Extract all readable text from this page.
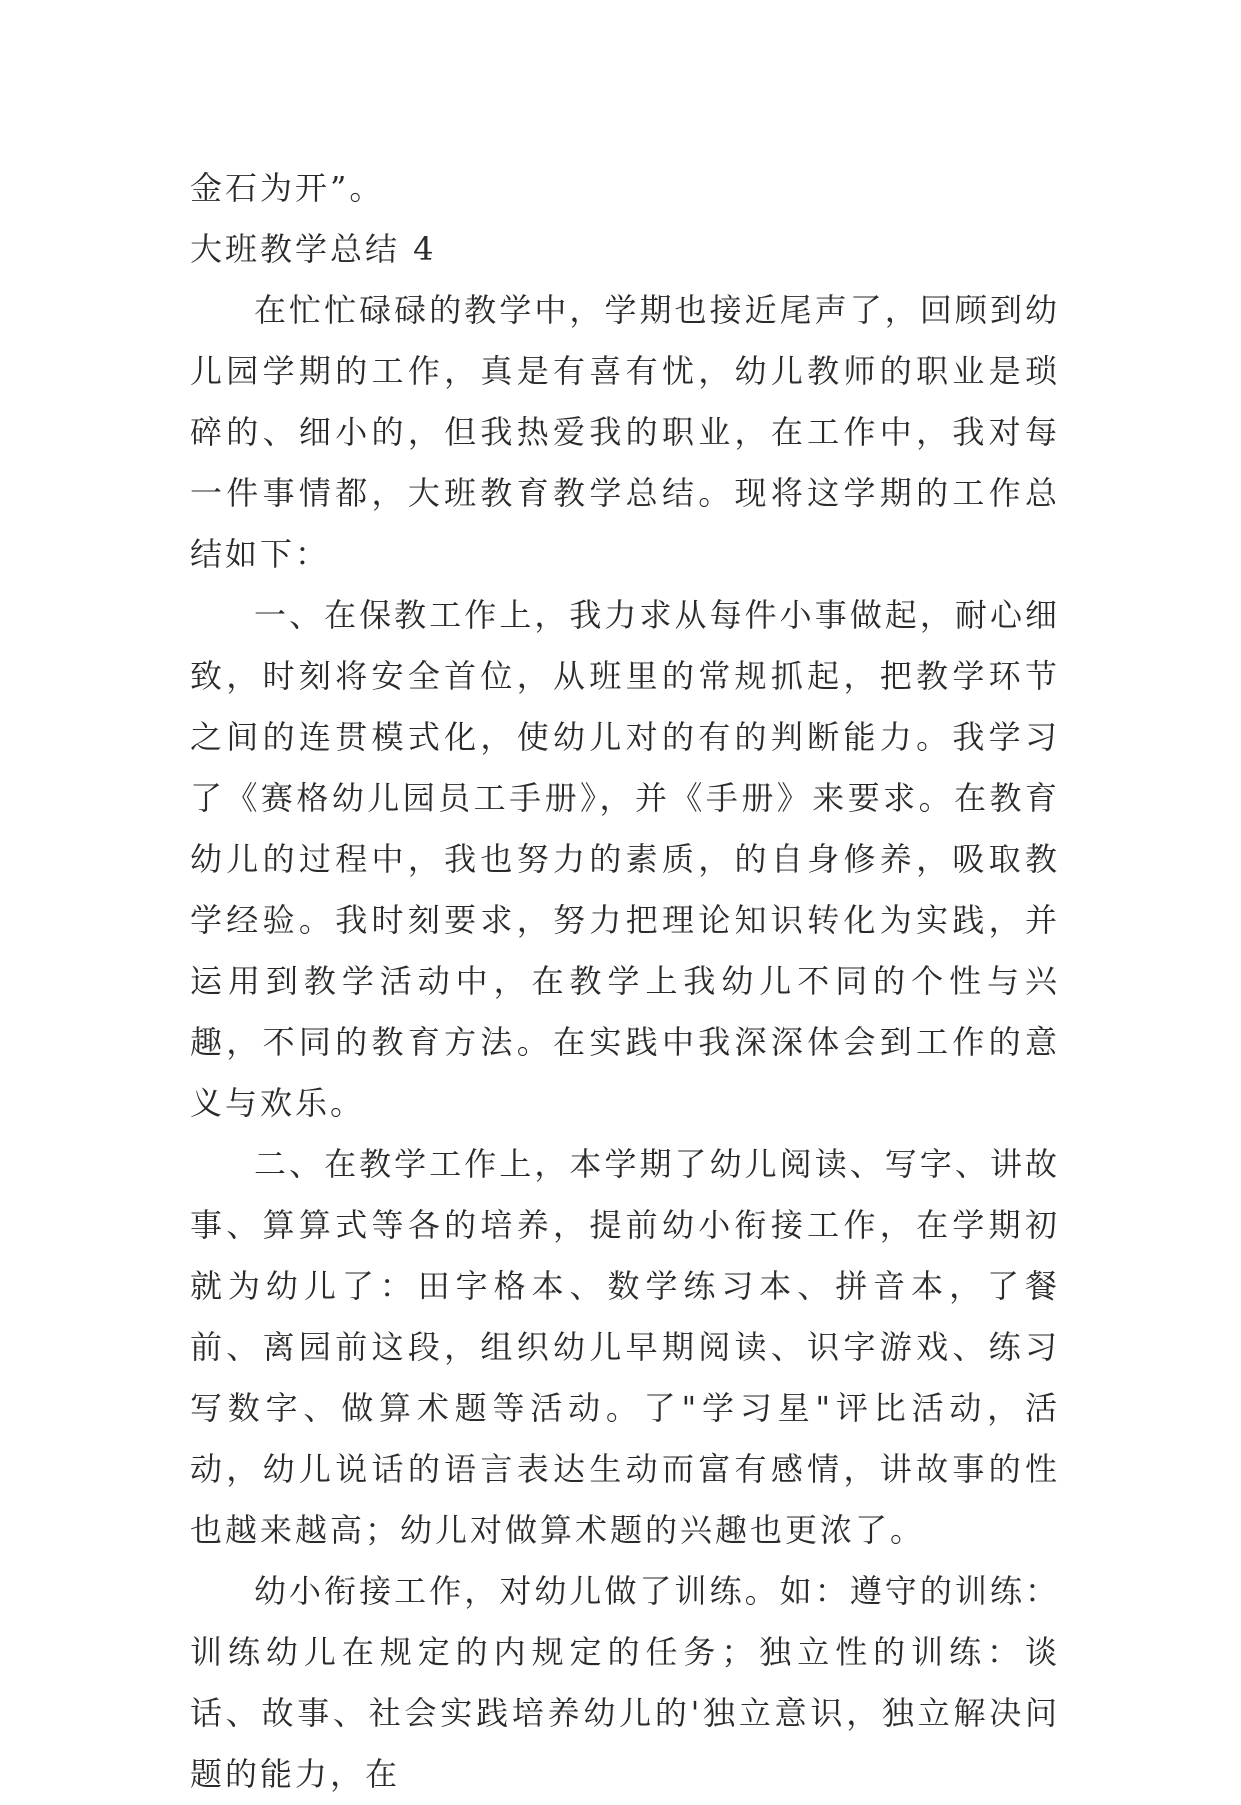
金石为开”。

大班教学总结 4

在忙忙碌碌的教学中，学期也接近尾声了，回顾到幼儿园学期的工作，真是有喜有忧，幼儿教师的职业是琐碎的、细小的，但我热爱我的职业，在工作中，我对每一件事情都，大班教育教学总结。现将这学期的工作总结如下：

一、在保教工作上，我力求从每件小事做起，耐心细致，时刻将安全首位，从班里的常规抓起，把教学环节之间的连贯模式化，使幼儿对的有的判断能力。我学习了《赛格幼儿园员工手册》，并《手册》来要求。在教育幼儿的过程中，我也努力的素质，的自身修养，吸取教学经验。我时刻要求，努力把理论知识转化为实践，并运用到教学活动中，在教学上我幼儿不同的个性与兴趣，不同的教育方法。在实践中我深深体会到工作的意义与欢乐。

二、在教学工作上，本学期了幼儿阅读、写字、讲故事、算算式等各的培养，提前幼小衔接工作，在学期初就为幼儿了：田字格本、数学练习本、拼音本，了餐前、离园前这段，组织幼儿早期阅读、识字游戏、练习写数字、做算术题等活动。了"学习星"评比活动，活动，幼儿说话的语言表达生动而富有感情，讲故事的性也越来越高；幼儿对做算术题的兴趣也更浓了。

幼小衔接工作，对幼儿做了训练。如：遵守的训练：训练幼儿在规定的内规定的任务；独立性的训练：谈话、故事、社会实践培养幼儿的'独立意识，独立解决问题的能力，在
